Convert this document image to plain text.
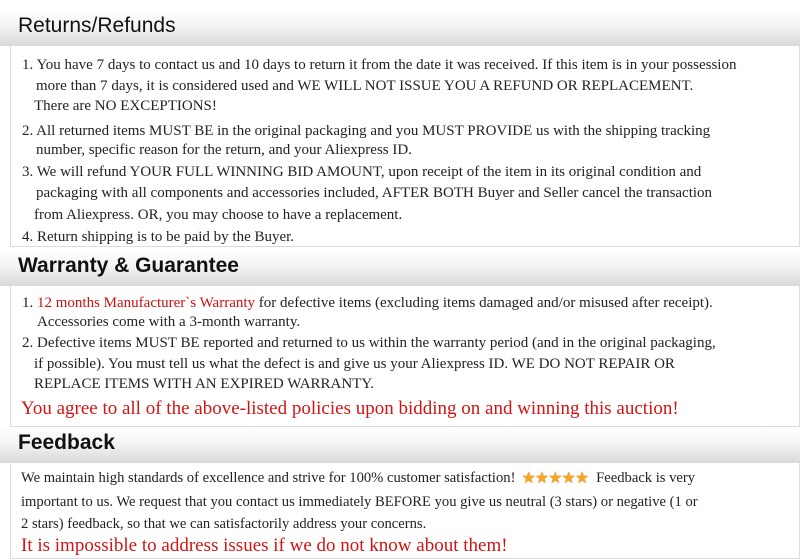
Returns/Refunds
1. You have 7 days to contact us and 10 days to return it from the date it was received. If this item is in your possession
more than 7 days, it is considered used and WE WILL NOT ISSUE YOU A REFUND OR REPLACEMENT.
There are NO EXCEPTIONS!
2. All returned items MUST BE in the original packaging and you MUST PROVIDE us with the shipping tracking
number, specific reason for the return, and your Aliexpress ID.
3. We will refund YOUR FULL WINNING BID AMOUNT, upon receipt of the item in its original condition and
packaging with all components and accessories included, AFTER BOTH Buyer and Seller cancel the transaction
from Aliexpress. OR, you may choose to have a replacement.
4. Return shipping is to be paid by the Buyer.
Warranty & Guarantee
1. 12 months Manufacturer`s Warranty for defective items (excluding items damaged and/or misused after receipt).
Accessories come with a 3-month warranty.
2. Defective items MUST BE reported and returned to us within the warranty period (and in the original packaging,
if possible). You must tell us what the defect is and give us your Aliexpress ID. WE DO NOT REPAIR OR
REPLACE ITEMS WITH AN EXPIRED WARRANTY.
You agree to all of the above-listed policies upon bidding on and winning this auction!
Feedback
We maintain high standards of excellence and strive for 100% customer satisfaction! ★★★★★ Feedback is very
important to us. We request that you contact us immediately BEFORE you give us neutral (3 stars) or negative (1 or
2 stars) feedback, so that we can satisfactorily address your concerns.
It is impossible to address issues if we do not know about them!
